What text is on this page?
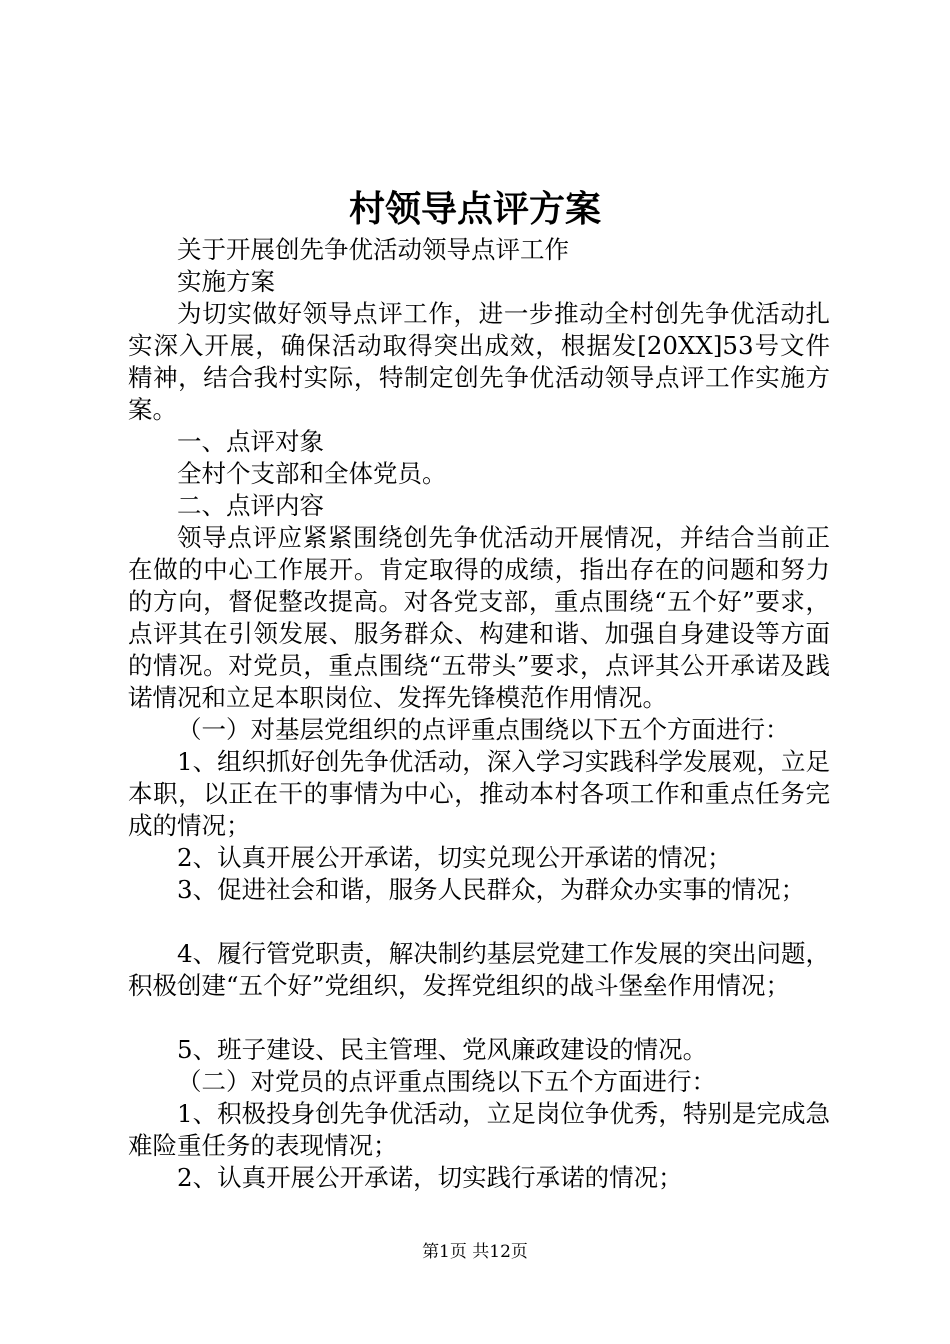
村领导点评方案

关于开展创先争优活动领导点评工作

实施方案

为切实做好领导点评工作，进一步推动全村创先争优活动扎实深入开展，确保活动取得突出成效，根据发[20XX]53号文件精神，结合我村实际，特制定创先争优活动领导点评工作实施方案。

一、点评对象

全村个支部和全体党员。

二、点评内容

领导点评应紧紧围绕创先争优活动开展情况，并结合当前正在做的中心工作展开。肯定取得的成绩，指出存在的问题和努力的方向，督促整改提高。对各党支部，重点围绕“五个好”要求，点评其在引领发展、服务群众、构建和谐、加强自身建设等方面的情况。对党员，重点围绕“五带头”要求，点评其公开承诺及践诺情况和立足本职岗位、发挥先锋模范作用情况。

（一）对基层党组织的点评重点围绕以下五个方面进行：

1、组织抓好创先争优活动，深入学习实践科学发展观，立足本职，以正在干的事情为中心，推动本村各项工作和重点任务完成的情况；

2、认真开展公开承诺，切实兑现公开承诺的情况；

3、促进社会和谐，服务人民群众，为群众办实事的情况；

4、履行管党职责，解决制约基层党建工作发展的突出问题，积极创建“五个好”党组织，发挥党组织的战斗堡垒作用情况；

5、班子建设、民主管理、党风廉政建设的情况。

（二）对党员的点评重点围绕以下五个方面进行：

1、积极投身创先争优活动，立足岗位争优秀，特别是完成急难险重任务的表现情况；

2、认真开展公开承诺，切实践行承诺的情况；

第1页 共12页
